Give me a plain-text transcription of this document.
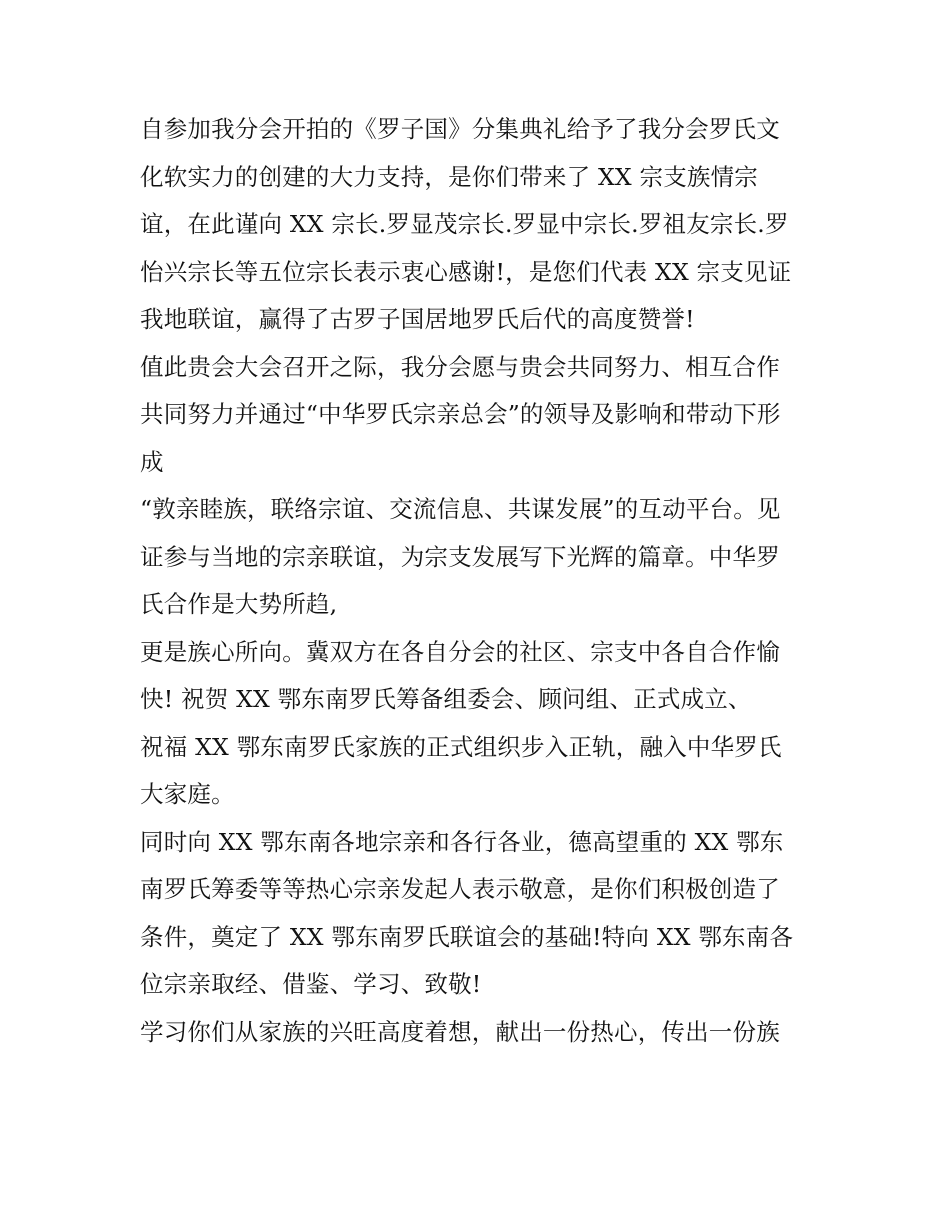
自参加我分会开拍的《罗子国》分集典礼给予了我分会罗氏文
化软实力的创建的大力支持，是你们带来了 XX 宗支族情宗
谊，在此谨向 XX 宗长.罗显茂宗长.罗显中宗长.罗祖友宗长.罗
怡兴宗长等五位宗长表示衷心感谢!，是您们代表 XX 宗支见证
我地联谊，赢得了古罗子国居地罗氏后代的高度赞誉!
值此贵会大会召开之际，我分会愿与贵会共同努力、相互合作
共同努力并通过“中华罗氏宗亲总会”的领导及影响和带动下形
成
“敦亲睦族，联络宗谊、交流信息、共谋发展”的互动平台。见
证参与当地的宗亲联谊，为宗支发展写下光辉的篇章。中华罗
氏合作是大势所趋,
更是族心所向。冀双方在各自分会的社区、宗支中各自合作愉
快! 祝贺 XX 鄂东南罗氏筹备组委会、顾问组、正式成立、
祝福 XX 鄂东南罗氏家族的正式组织步入正轨，融入中华罗氏
大家庭。
同时向 XX 鄂东南各地宗亲和各行各业，德高望重的 XX 鄂东
南罗氏筹委等等热心宗亲发起人表示敬意，是你们积极创造了
条件，奠定了 XX 鄂东南罗氏联谊会的基础!特向 XX 鄂东南各
位宗亲取经、借鉴、学习、致敬!
学习你们从家族的兴旺高度着想，献出一份热心，传出一份族
